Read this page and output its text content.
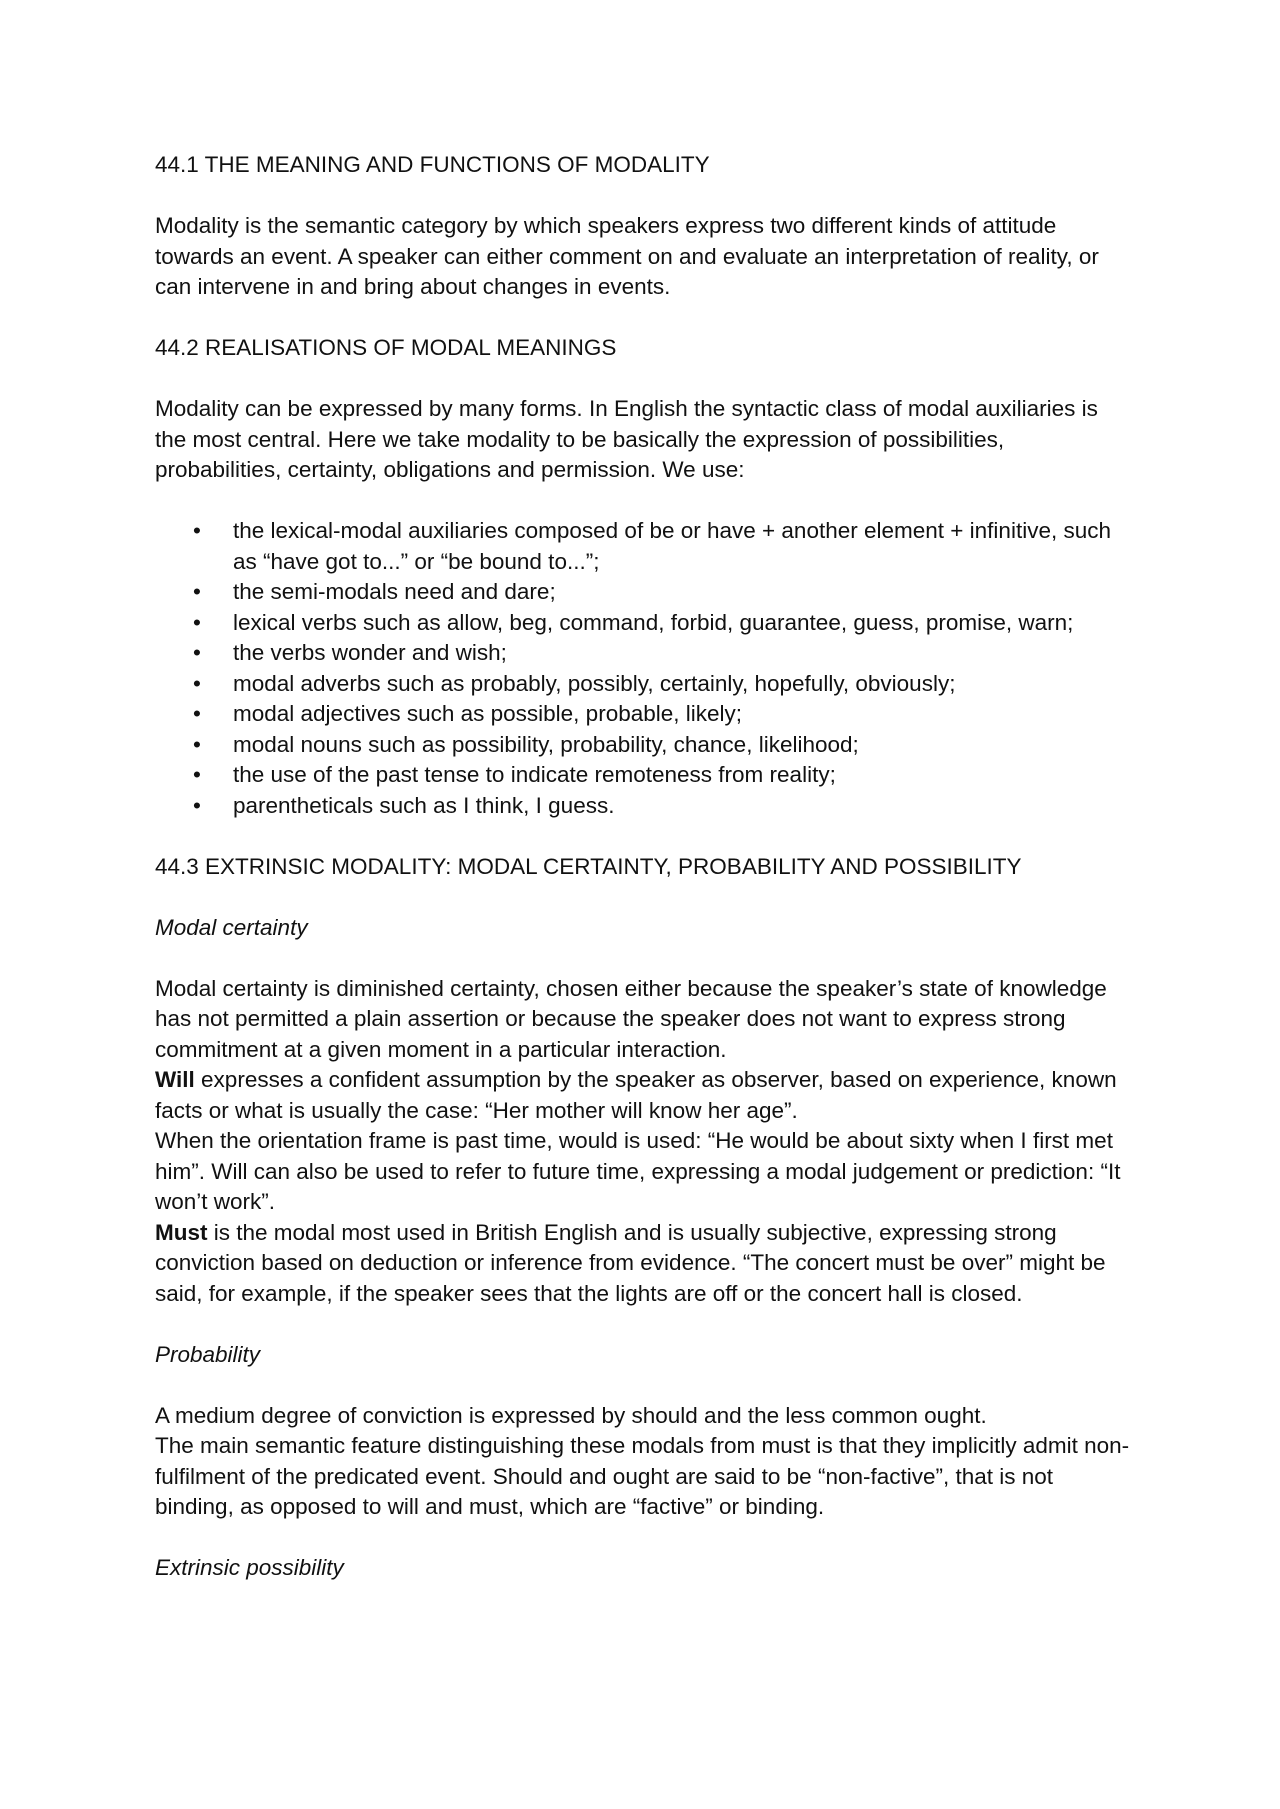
44.1 THE MEANING AND FUNCTIONS OF MODALITY

Modality is the semantic category by which speakers express two different kinds of attitude towards an event. A speaker can either comment on and evaluate an interpretation of reality, or can intervene in and bring about changes in events.

44.2 REALISATIONS OF MODAL MEANINGS

Modality can be expressed by many forms. In English the syntactic class of modal auxiliaries is the most central. Here we take modality to be basically the expression of possibilities, probabilities, certainty, obligations and permission. We use:

• the lexical-modal auxiliaries composed of be or have + another element + infinitive, such as “have got to...” or “be bound to...”;
• the semi-modals need and dare;
• lexical verbs such as allow, beg, command, forbid, guarantee, guess, promise, warn;
• the verbs wonder and wish;
• modal adverbs such as probably, possibly, certainly, hopefully, obviously;
• modal adjectives such as possible, probable, likely;
• modal nouns such as possibility, probability, chance, likelihood;
• the use of the past tense to indicate remoteness from reality;
• parentheticals such as I think, I guess.
44.3 EXTRINSIC MODALITY: MODAL CERTAINTY, PROBABILITY AND POSSIBILITY

Modal certainty

Modal certainty is diminished certainty, chosen either because the speaker’s state of knowledge has not permitted a plain assertion or because the speaker does not want to express strong commitment at a given moment in a particular interaction.

Will expresses a confident assumption by the speaker as observer, based on experience, known facts or what is usually the case: “Her mother will know her age”.

When the orientation frame is past time, would is used: “He would be about sixty when I first met him”. Will can also be used to refer to future time, expressing a modal judgement or prediction: “It won’t work”.

Must is the modal most used in British English and is usually subjective, expressing strong conviction based on deduction or inference from evidence. “The concert must be over” might be said, for example, if the speaker sees that the lights are off or the concert hall is closed.

Probability

A medium degree of conviction is expressed by should and the less common ought.

The main semantic feature distinguishing these modals from must is that they implicitly admit non-fulfilment of the predicated event. Should and ought are said to be “non-factive”, that is not binding, as opposed to will and must, which are “factive” or binding.

Extrinsic possibility
